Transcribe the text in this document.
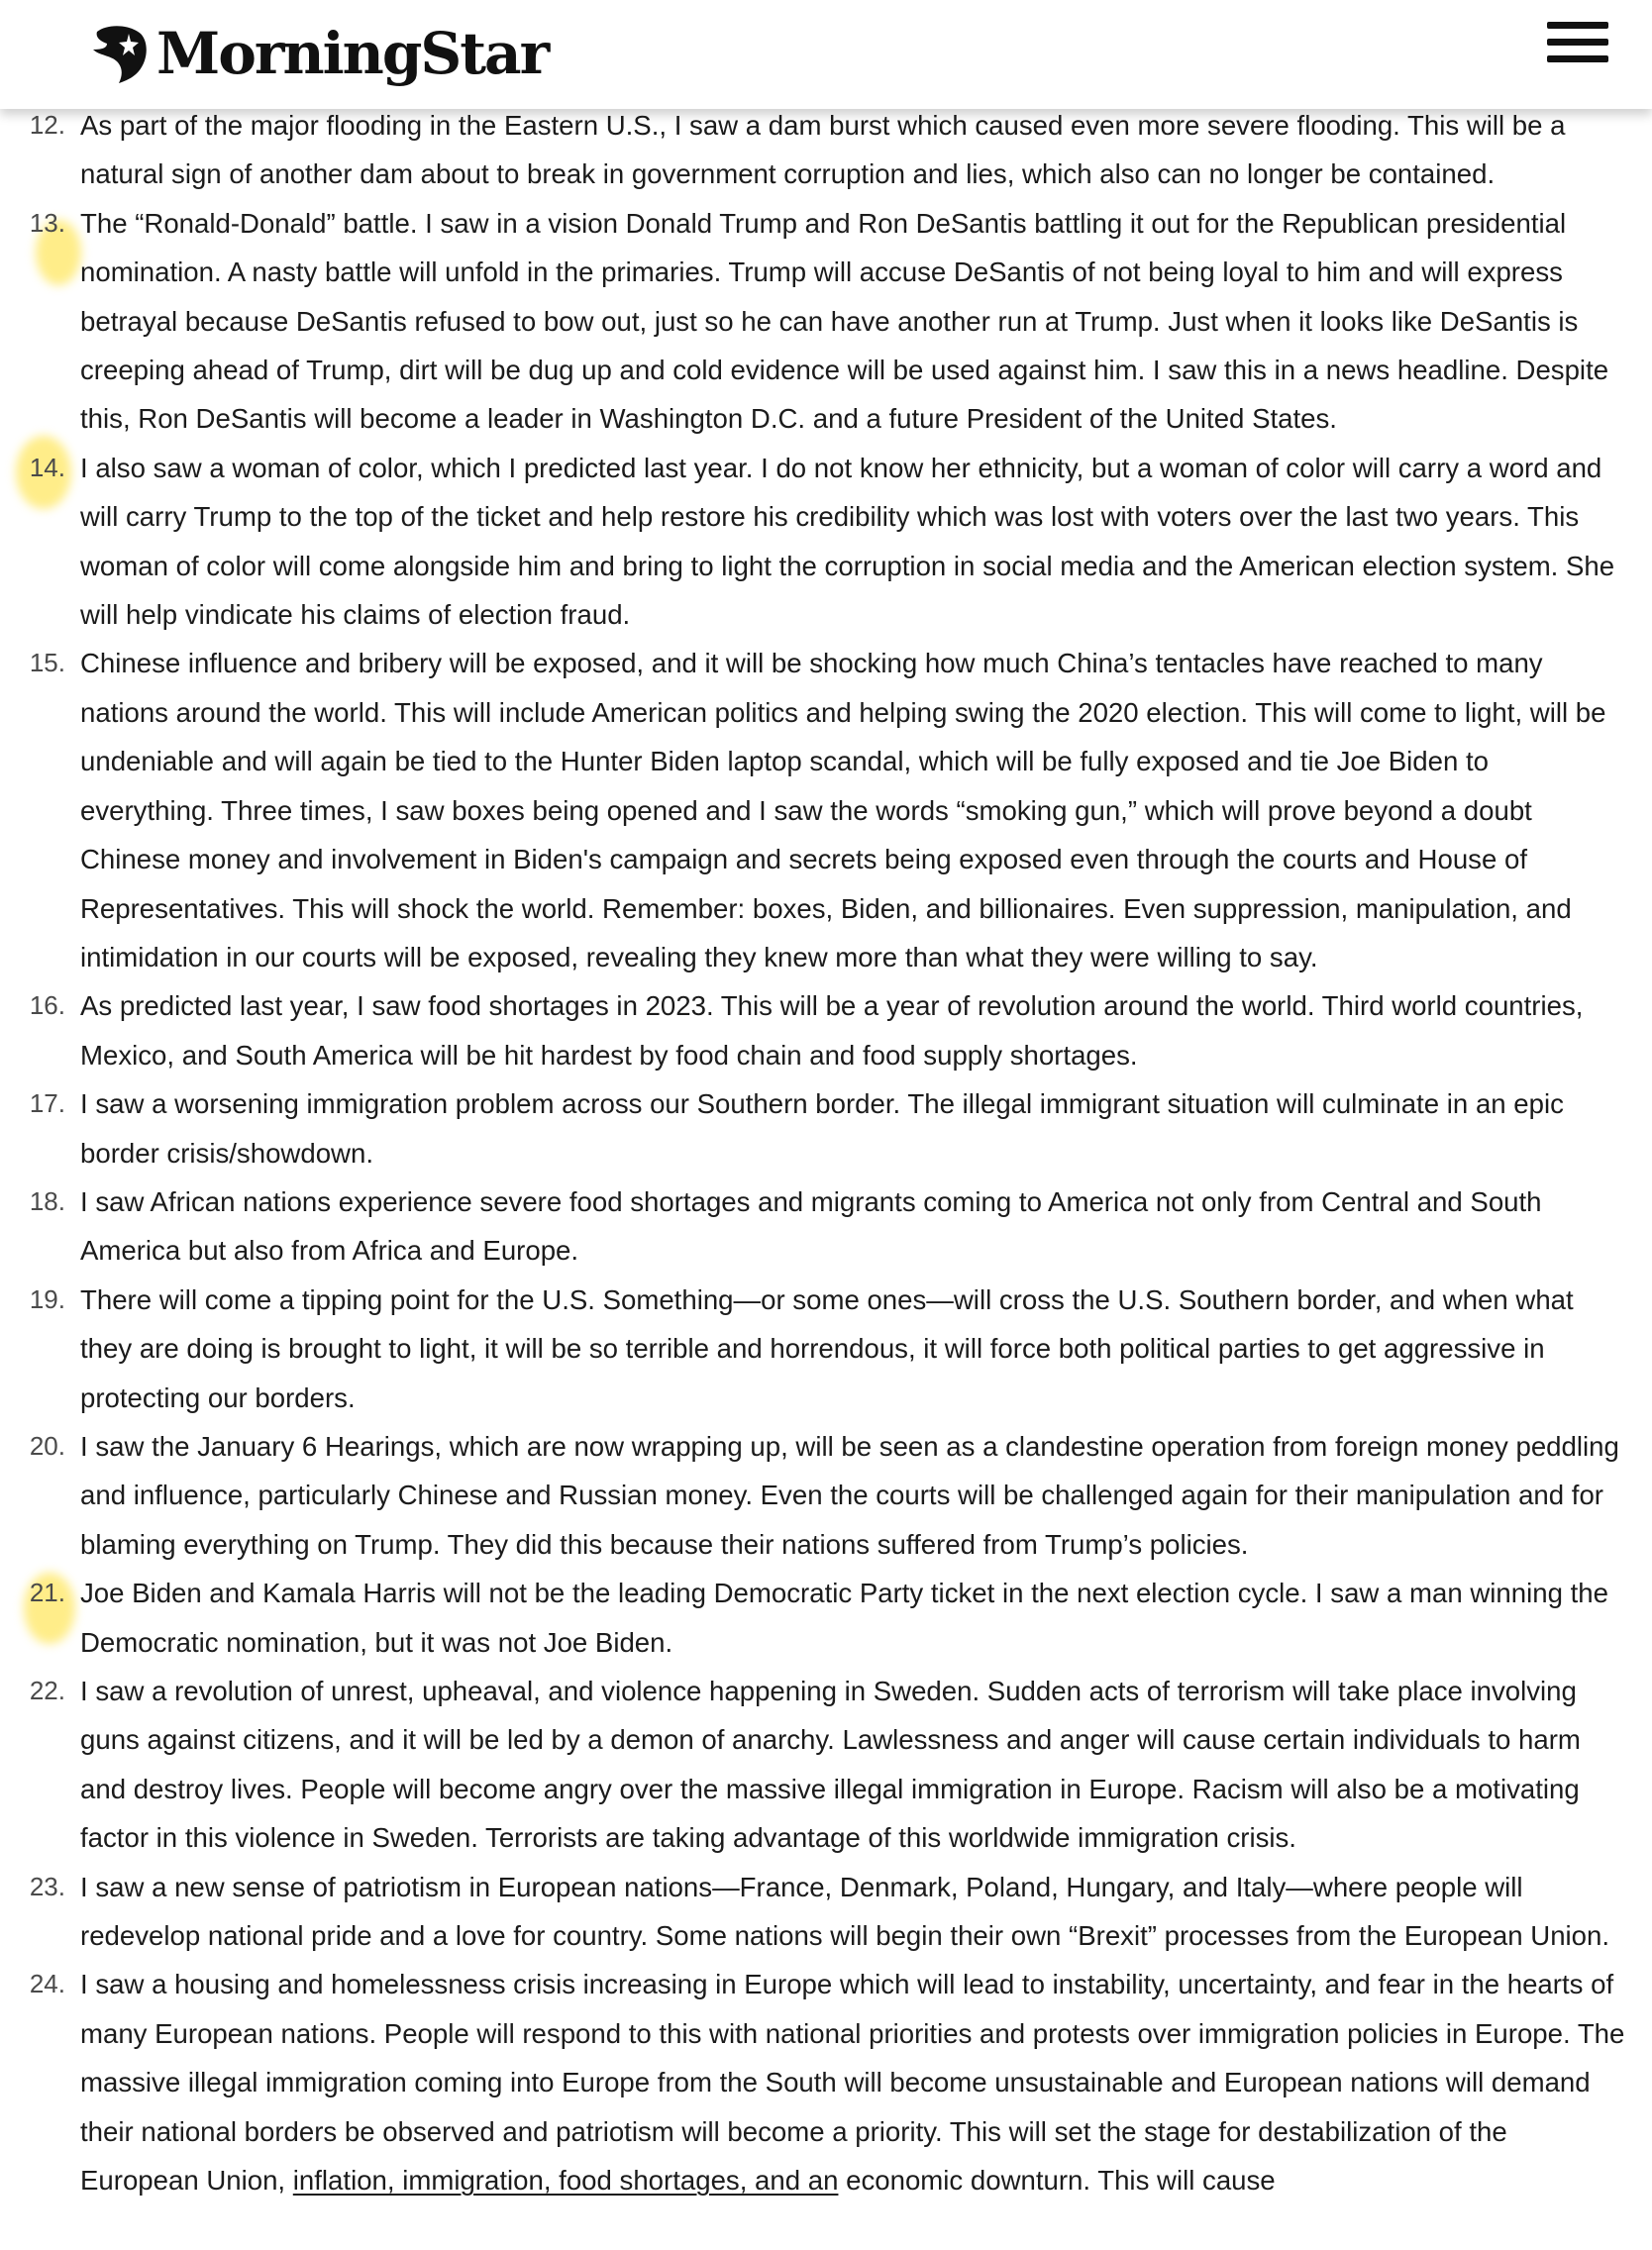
MorningStar
12. As part of the major flooding in the Eastern U.S., I saw a dam burst which caused even more severe flooding. This will be a natural sign of another dam about to break in government corruption and lies, which also can no longer be contained.
13. The “Ronald-Donald” battle. I saw in a vision Donald Trump and Ron DeSantis battling it out for the Republican presidential nomination. A nasty battle will unfold in the primaries. Trump will accuse DeSantis of not being loyal to him and will express betrayal because DeSantis refused to bow out, just so he can have another run at Trump. Just when it looks like DeSantis is creeping ahead of Trump, dirt will be dug up and cold evidence will be used against him. I saw this in a news headline. Despite this, Ron DeSantis will become a leader in Washington D.C. and a future President of the United States.
14. I also saw a woman of color, which I predicted last year. I do not know her ethnicity, but a woman of color will carry a word and will carry Trump to the top of the ticket and help restore his credibility which was lost with voters over the last two years. This woman of color will come alongside him and bring to light the corruption in social media and the American election system. She will help vindicate his claims of election fraud.
15. Chinese influence and bribery will be exposed, and it will be shocking how much China’s tentacles have reached to many nations around the world. This will include American politics and helping swing the 2020 election. This will come to light, will be undeniable and will again be tied to the Hunter Biden laptop scandal, which will be fully exposed and tie Joe Biden to everything. Three times, I saw boxes being opened and I saw the words “smoking gun,” which will prove beyond a doubt Chinese money and involvement in Biden's campaign and secrets being exposed even through the courts and House of Representatives. This will shock the world. Remember: boxes, Biden, and billionaires. Even suppression, manipulation, and intimidation in our courts will be exposed, revealing they knew more than what they were willing to say.
16. As predicted last year, I saw food shortages in 2023. This will be a year of revolution around the world. Third world countries, Mexico, and South America will be hit hardest by food chain and food supply shortages.
17. I saw a worsening immigration problem across our Southern border. The illegal immigrant situation will culminate in an epic border crisis/showdown.
18. I saw African nations experience severe food shortages and migrants coming to America not only from Central and South America but also from Africa and Europe.
19. There will come a tipping point for the U.S. Something—or some ones—will cross the U.S. Southern border, and when what they are doing is brought to light, it will be so terrible and horrendous, it will force both political parties to get aggressive in protecting our borders.
20. I saw the January 6 Hearings, which are now wrapping up, will be seen as a clandestine operation from foreign money peddling and influence, particularly Chinese and Russian money. Even the courts will be challenged again for their manipulation and for blaming everything on Trump. They did this because their nations suffered from Trump’s policies.
21. Joe Biden and Kamala Harris will not be the leading Democratic Party ticket in the next election cycle. I saw a man winning the Democratic nomination, but it was not Joe Biden.
22. I saw a revolution of unrest, upheaval, and violence happening in Sweden. Sudden acts of terrorism will take place involving guns against citizens, and it will be led by a demon of anarchy. Lawlessness and anger will cause certain individuals to harm and destroy lives. People will become angry over the massive illegal immigration in Europe. Racism will also be a motivating factor in this violence in Sweden. Terrorists are taking advantage of this worldwide immigration crisis.
23. I saw a new sense of patriotism in European nations—France, Denmark, Poland, Hungary, and Italy—where people will redevelop national pride and a love for country. Some nations will begin their own “Brexit” processes from the European Union.
24. I saw a housing and homelessness crisis increasing in Europe which will lead to instability, uncertainty, and fear in the hearts of many European nations. People will respond to this with national priorities and protests over immigration policies in Europe. The massive illegal immigration coming into Europe from the South will become unsustainable and European nations will demand their national borders be observed and patriotism will become a priority. This will set the stage for destabilization of the European Union, inflation, immigration, food shortages, and an economic downturn. This will cause
